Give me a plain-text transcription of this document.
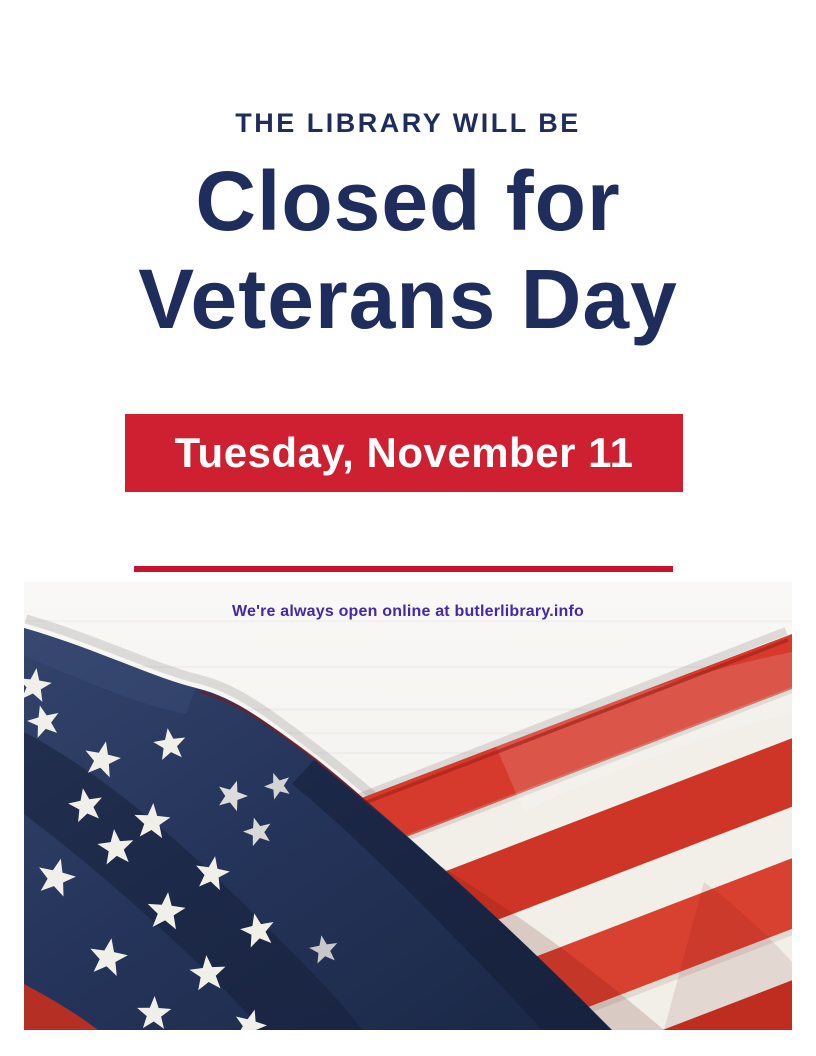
THE LIBRARY WILL BE
Closed for
Veterans Day
Tuesday, November 11
We're always open online at butlerlibrary.info
